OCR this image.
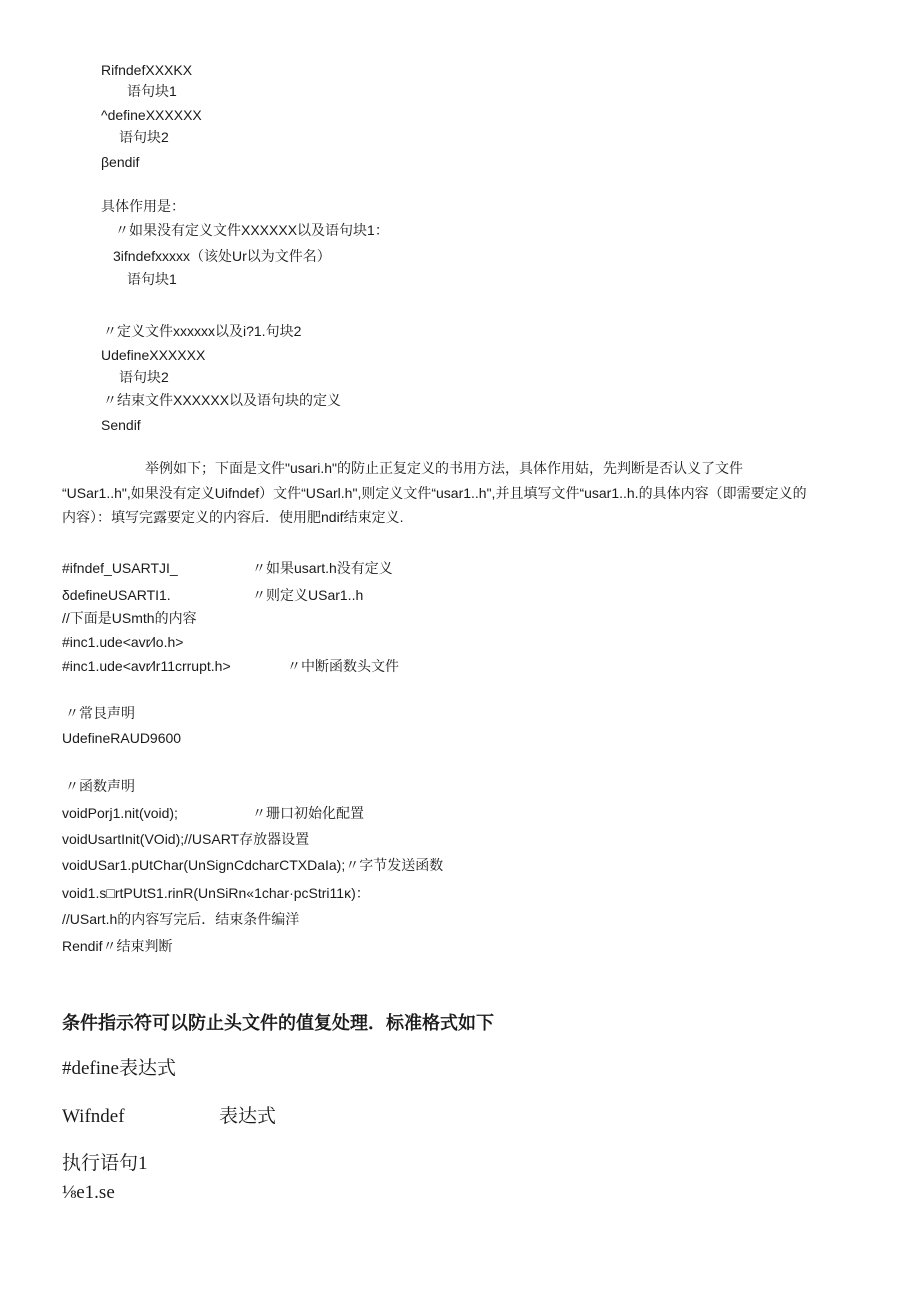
RifndefXXXKX
语句块1
^defineXXXXXX
语句块2
βendif
具体作用是：
〃如果没有定义文件XXXXXX以及语句块1：
3ifndefxxxxx（该处Ur以为文件名）
语句块1
〃定义文件xxxxxx以及i?1.句块2
UdefineXXXXXX
语句块2
〃结束文件XXXXXX以及语句块的定义
Sendif
举例如下；下面是文件"usari.h"的防止正复定义的书用方法，具体作用姑，先判断是否认义了文件
“USar1..h",如果没有定义Uifndef）文件“USarl.h",则定义文件“usar1..h",并且填写文件“usar1..h.的具体内容（即需要定义的
内容）：填写完露要定义的内容后．使用肥ndif结束定义.
#ifndef_USARTJI_	〃如果usart.h没有定义
δdefineUSARTI1.	〃则定义USar1..h
//下面是USmth的内容
#inc1.ude<avr⁄lo.h>
#inc1.ude<avr⁄lr11crrupt.h>	〃中断函数头文件
〃常艮声明
UdefineRAUD9600
〃函数声明
voidPorj1.nit(void);	〃珊口初始化配置
voidUsartInit(VOid);//USART存放器设置
voidUSar1.pUtChar(UnSignCdcharCTXDaIa);〃字节发送函数
void1.s□rtPUtS1.rinR(UnSiRn«1char·pcStri11κ)：
//USart.h的内容写完后．结束条件编洋
Rendif〃结束判断
条件指示符可以防止头文件的值复处理．标准格式如下
#define表达式
Wifndef	表达式
执行语句1
⅛e1.se
